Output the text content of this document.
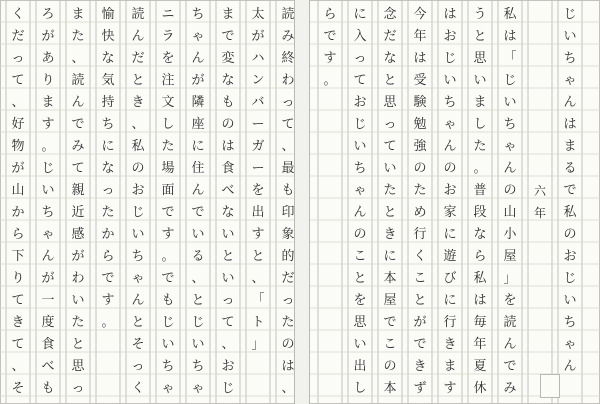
じ
い
ち
ゃ
ん
は
ま
る
で
私
の
お
じ
い
ち
ゃ
ん
六
年
私
は
「
じ
い
ち
ゃ
ん
の
山
小
屋
」
を
読
ん
で
み
う
と
思
い
ま
し
た
。
普
段
な
ら
私
は
毎
年
夏
休
は
お
じ
い
ち
ゃ
ん
の
お
家
に
遊
び
に
行
き
ま
す
今
年
は
受
験
勉
強
の
た
め
行
く
こ
と
が
で
き
ず
念
だ
な
と
思
っ
て
い
た
と
き
に
本
屋
で
こ
の
本
に
入
っ
て
お
じ
い
ち
ゃ
ん
の
こ
と
を
思
い
出
し
ら
で
す
。
読
み
終
わ
っ
て
、
最
も
印
象
的
だ
っ
た
の
は
、
太
が
ハ
ン
バ
ー
ガ
ー
を
出
す
と
、
「
ト
」
ま
で
変
な
も
の
は
食
べ
な
い
と
い
っ
て
、
お
じ
ち
ゃ
ん
が
隣
座
に
住
ん
で
い
る
、
と
じ
い
ち
ゃ
ニ
ラ
を
注
文
し
た
場
面
で
す
。
で
も
じ
い
ち
ゃ
読
ん
だ
と
き
、
私
の
お
じ
い
ち
ゃ
ん
と
そ
っ
く
愉
快
な
気
持
ち
に
な
っ
た
か
ら
で
す
。
ま
た
、
読
ん
で
み
て
親
近
感
が
わ
い
た
と
思
っ
ろ
が
あ
り
ま
す
。
じ
い
ち
ゃ
ん
が
一
度
食
べ
も
く
だ
っ
て
、
好
物
が
山
か
ら
下
り
て
き
て
、
そ
